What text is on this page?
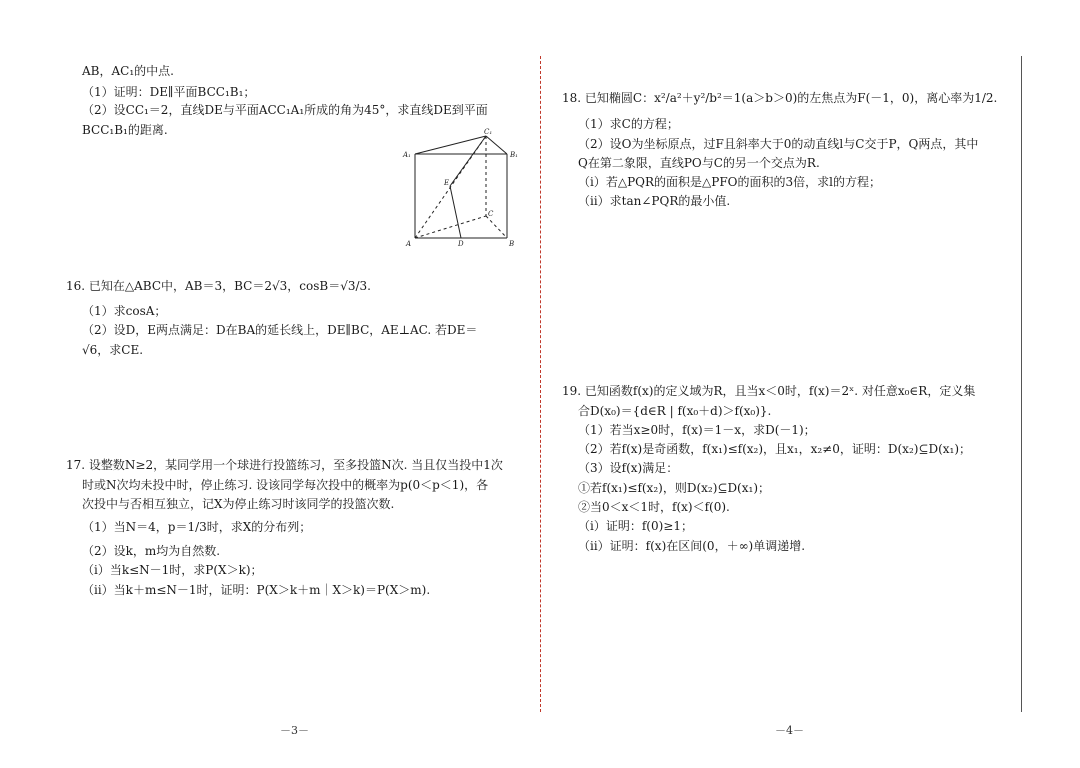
AB，AC₁的中点.
（1）证明：DE∥平面BCC₁B₁；
（2）设CC₁＝2，直线DE与平面ACC₁A₁所成的角为45°，求直线DE到平面
BCC₁B₁的距离.
A₁
C₁
B₁
E
C
A	D	B
16. 已知在△ABC中，AB＝3，BC＝2√3，cosB＝√3/3.
（1）求cosA；
（2）设D，E两点满足：D在BA的延长线上，DE∥BC，AE⊥AC. 若DE＝
√6，求CE.
17. 设整数N≥2，某同学用一个球进行投篮练习，至多投篮N次. 当且仅当投中1次
时或N次均未投中时，停止练习. 设该同学每次投中的概率为p(0＜p＜1)，各
次投中与否相互独立，记X为停止练习时该同学的投篮次数.
（1）当N＝4，p＝1/3时，求X的分布列；
（2）设k，m均为自然数.
（ⅰ）当k≤N－1时，求P(X＞k)；
（ⅱ）当k＋m≤N－1时，证明：P(X＞k＋m｜X＞k)＝P(X＞m).
－3－
18. 已知椭圆C：x²/a²＋y²/b²＝1(a＞b＞0)的左焦点为F(－1，0)，离心率为1/2.
（1）求C的方程；
（2）设O为坐标原点，过F且斜率大于0的动直线l与C交于P，Q两点，其中
Q在第二象限，直线PO与C的另一个交点为R.
（ⅰ）若△PQR的面积是△PFO的面积的3倍，求l的方程；
（ⅱ）求tan∠PQR的最小值.
19. 已知函数f(x)的定义域为R，且当x＜0时，f(x)＝2ˣ. 对任意x₀∈R，定义集
合D(x₀)＝{d∈R | f(x₀＋d)＞f(x₀)}.
（1）若当x≥0时，f(x)＝1－x，求D(－1)；
（2）若f(x)是奇函数，f(x₁)≤f(x₂)，且x₁，x₂≠0，证明：D(x₂)⊆D(x₁)；
（3）设f(x)满足：
①若f(x₁)≤f(x₂)，则D(x₂)⊆D(x₁)；
②当0＜x＜1时，f(x)＜f(0).
（ⅰ）证明：f(0)≥1；
（ⅱ）证明：f(x)在区间(0，＋∞)单调递增.
－4－
